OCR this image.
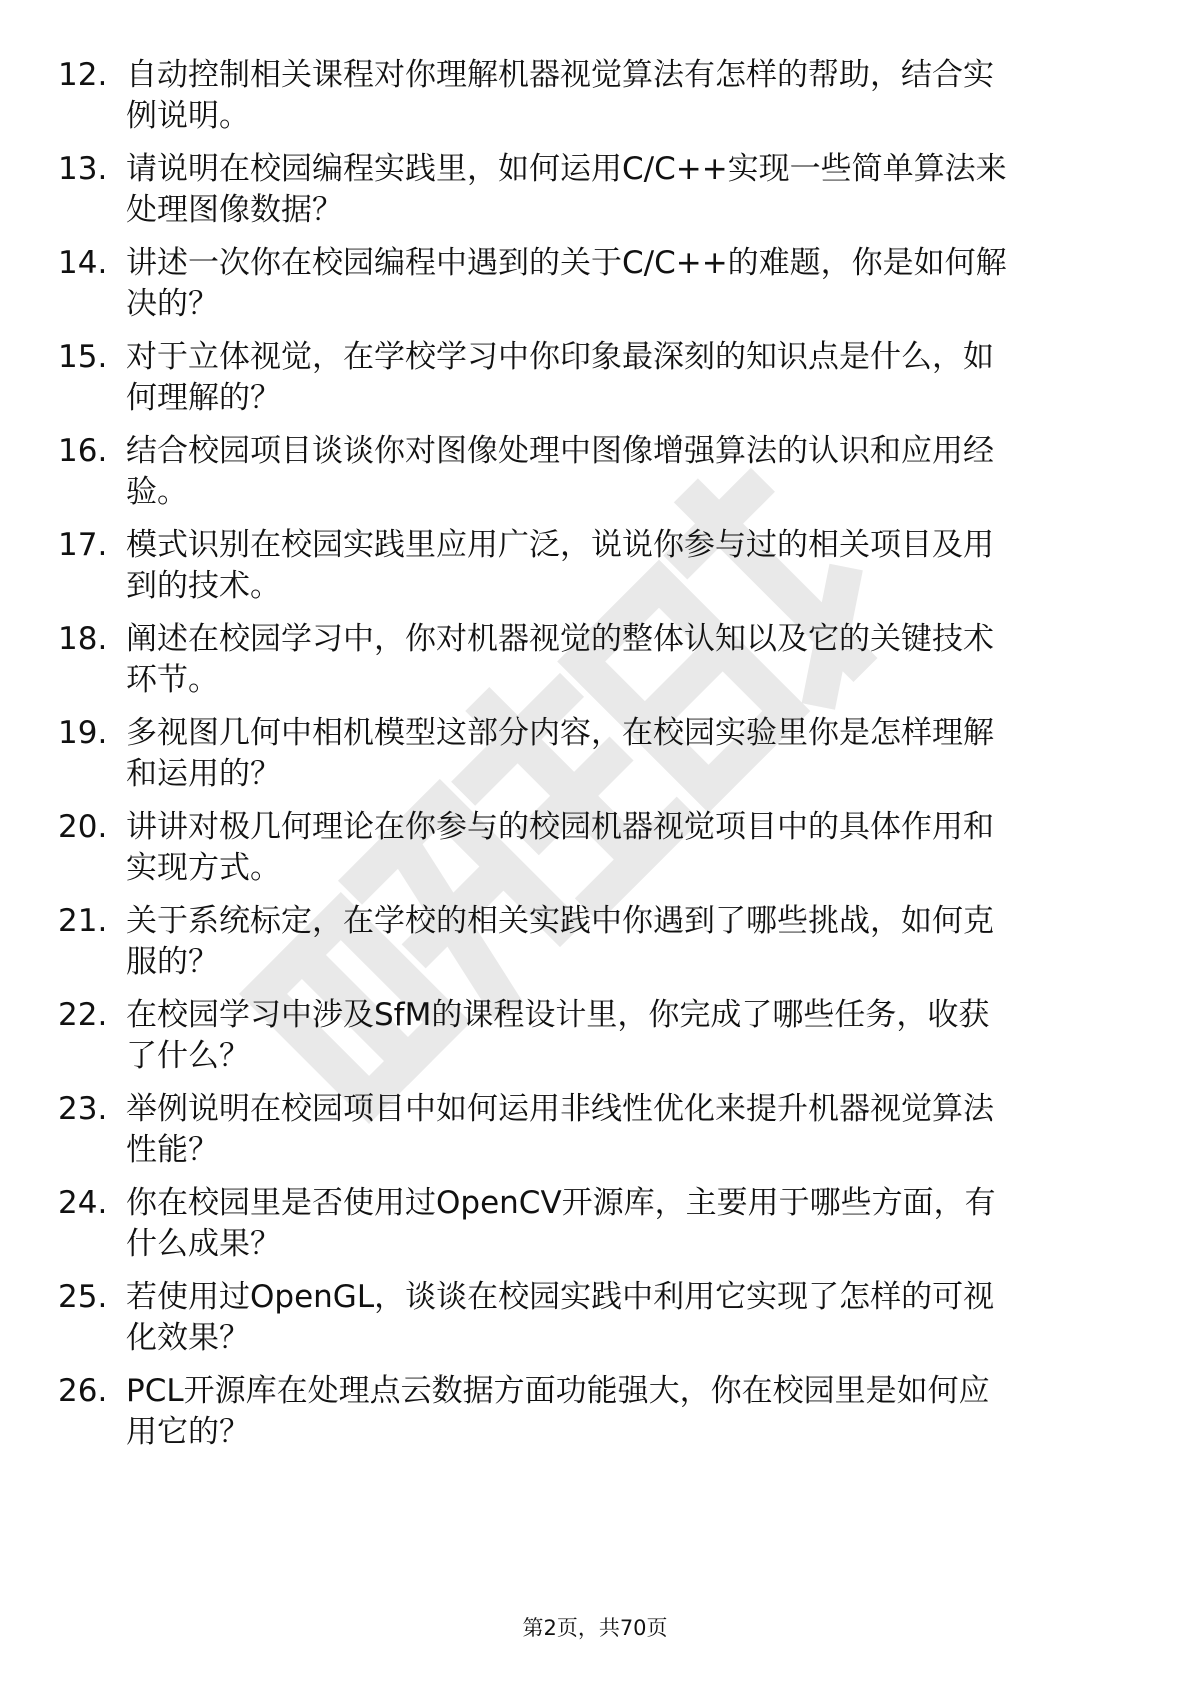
12. 自动控制相关课程对你理解机器视觉算法有怎样的帮助，结合实
例说明。
13. 请说明在校园编程实践里，如何运用C/C++实现一些简单算法来
处理图像数据？
14. 讲述一次你在校园编程中遇到的关于C/C++的难题，你是如何解
决的？
15. 对于立体视觉，在学校学习中你印象最深刻的知识点是什么，如
何理解的？
16. 结合校园项目谈谈你对图像处理中图像增强算法的认识和应用经
验。
17. 模式识别在校园实践里应用广泛，说说你参与过的相关项目及用
到的技术。
18. 阐述在校园学习中，你对机器视觉的整体认知以及它的关键技术
环节。
19. 多视图几何中相机模型这部分内容，在校园实验里你是怎样理解
和运用的？
20. 讲讲对极几何理论在你参与的校园机器视觉项目中的具体作用和
实现方式。
21. 关于系统标定，在学校的相关实践中你遇到了哪些挑战，如何克
服的？
22. 在校园学习中涉及SfM的课程设计里，你完成了哪些任务，收获
了什么？
23. 举例说明在校园项目中如何运用非线性优化来提升机器视觉算法
性能？
24. 你在校园里是否使用过OpenCV开源库，主要用于哪些方面，有
什么成果？
25. 若使用过OpenGL，谈谈在校园实践中利用它实现了怎样的可视
化效果？
26. PCL开源库在处理点云数据方面功能强大，你在校园里是如何应
用它的？
第2页，共70页
